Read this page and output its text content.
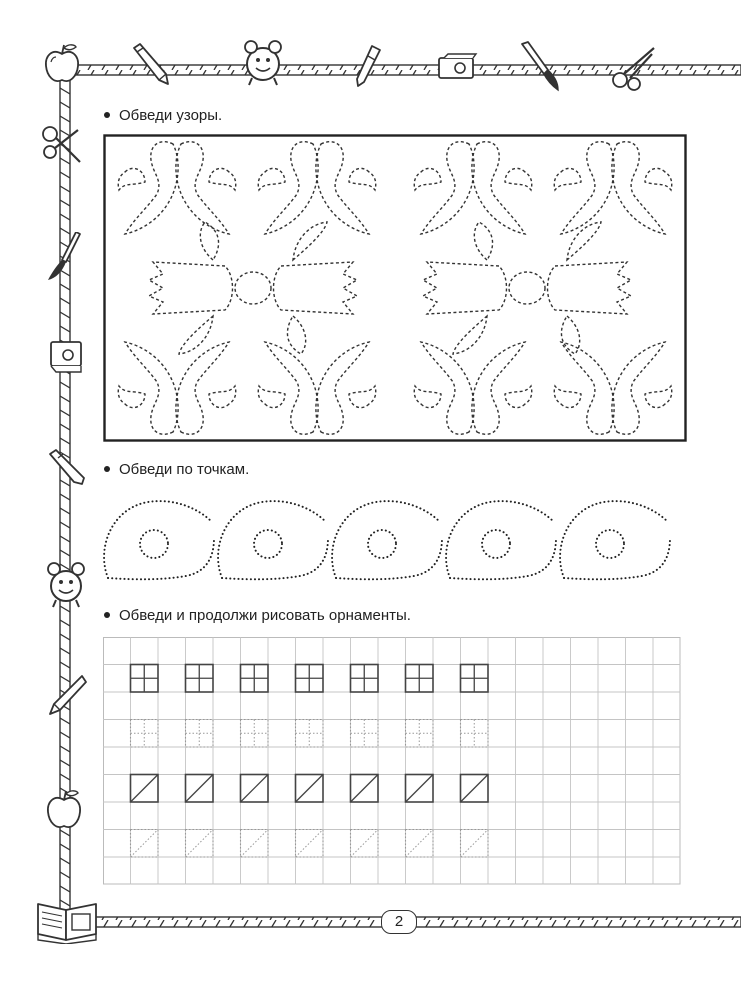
Обведи узоры.
Обведи по точкам.
Обведи и продолжи рисовать орнаменты.
2
